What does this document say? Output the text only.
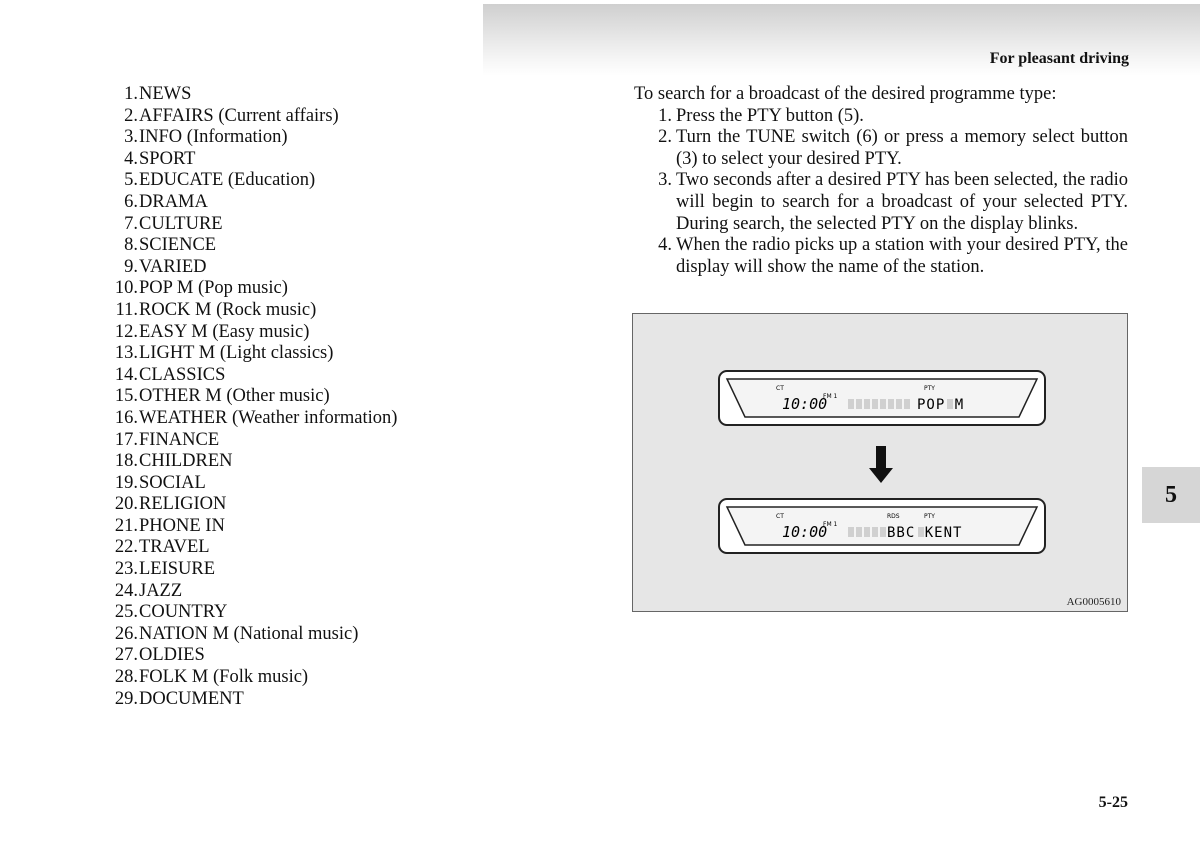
For pleasant driving
1. NEWS
2. AFFAIRS (Current affairs)
3. INFO (Information)
4. SPORT
5. EDUCATE (Education)
6. DRAMA
7. CULTURE
8. SCIENCE
9. VARIED
10. POP M (Pop music)
11. ROCK M (Rock music)
12. EASY M (Easy music)
13. LIGHT M (Light classics)
14. CLASSICS
15. OTHER M (Other music)
16. WEATHER (Weather information)
17. FINANCE
18. CHILDREN
19. SOCIAL
20. RELIGION
21. PHONE IN
22. TRAVEL
23. LEISURE
24. JAZZ
25. COUNTRY
26. NATION M (National music)
27. OLDIES
28. FOLK M (Folk music)
29. DOCUMENT

To search for a broadcast of the desired programme type:

1. Press the PTY button (5).
2. Turn the TUNE switch (6) or press a memory select button (3) to select your desired PTY.
3. Two seconds after a desired PTY has been selected, the radio will begin to search for a broadcast of your selected PTY. During search, the selected PTY on the display blinks.
4. When the radio picks up a station with your desired PTY, the display will show the name of the station.
CT	PTY
10:00
FM 1
POP M
CT	RDS	PTY
10:00
FM 1
BBC KENT
AG0005610
5
5-25
